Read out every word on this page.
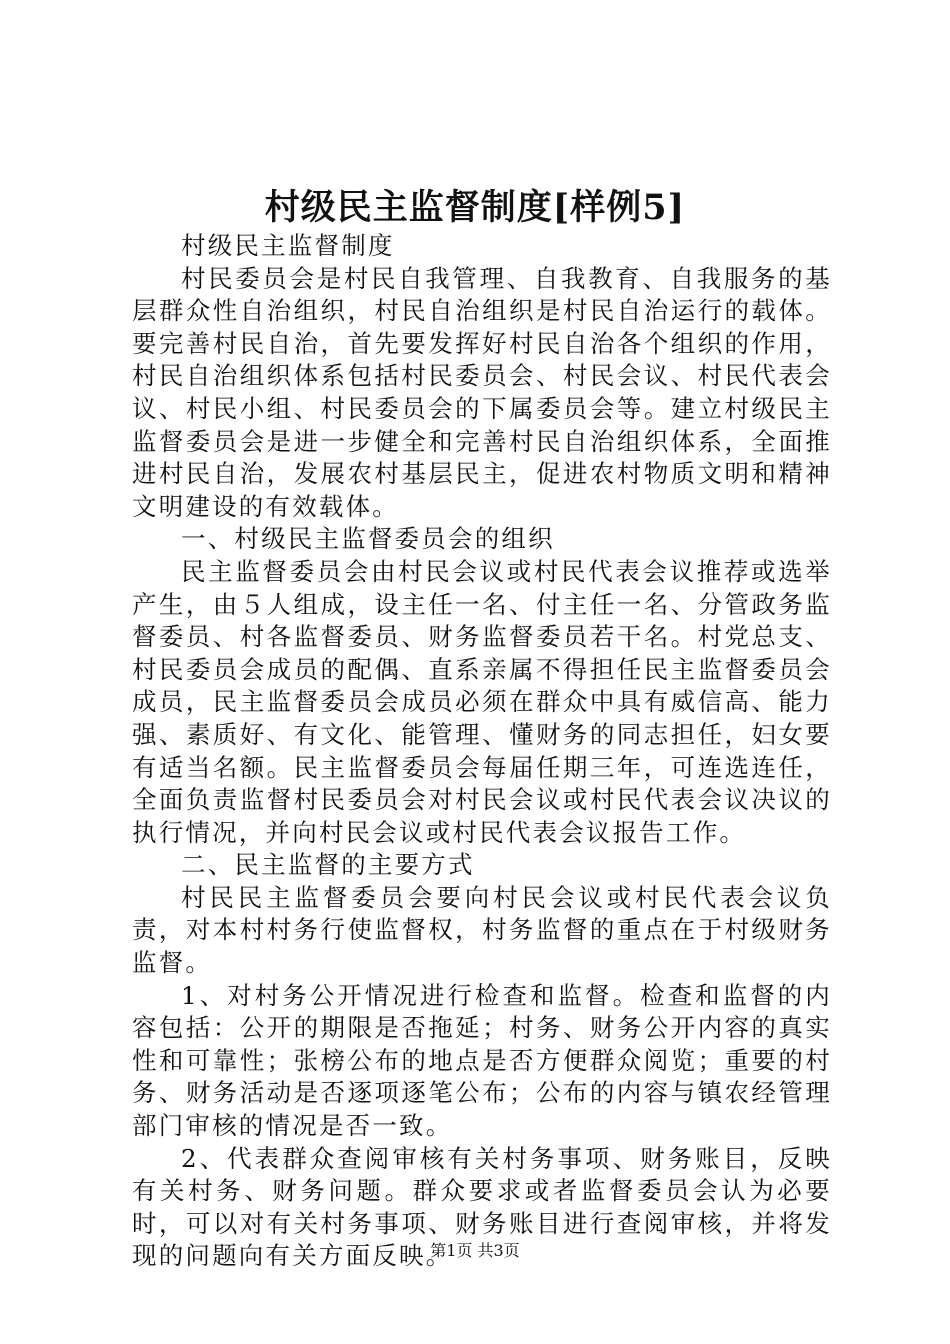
村级民主监督制度[样例5]

村级民主监督制度

村民委员会是村民自我管理、自我教育、自我服务的基层群众性自治组织，村民自治组织是村民自治运行的载体。要完善村民自治，首先要发挥好村民自治各个组织的作用，村民自治组织体系包括村民委员会、村民会议、村民代表会议、村民小组、村民委员会的下属委员会等。建立村级民主监督委员会是进一步健全和完善村民自治组织体系，全面推进村民自治，发展农村基层民主，促进农村物质文明和精神文明建设的有效载体。

一、村级民主监督委员会的组织

民主监督委员会由村民会议或村民代表会议推荐或选举产生，由５人组成，设主任一名、付主任一名、分管政务监督委员、村各监督委员、财务监督委员若干名。村党总支、村民委员会成员的配偶、直系亲属不得担任民主监督委员会成员，民主监督委员会成员必须在群众中具有威信高、能力强、素质好、有文化、能管理、懂财务的同志担任，妇女要有适当名额。民主监督委员会每届任期三年，可连选连任，全面负责监督村民委员会对村民会议或村民代表会议决议的执行情况，并向村民会议或村民代表会议报告工作。

二、民主监督的主要方式

村民民主监督委员会要向村民会议或村民代表会议负责，对本村村务行使监督权，村务监督的重点在于村级财务监督。

1、对村务公开情况进行检查和监督。检查和监督的内容包括：公开的期限是否拖延；村务、财务公开内容的真实性和可靠性；张榜公布的地点是否方便群众阅览；重要的村务、财务活动是否逐项逐笔公布；公布的内容与镇农经管理部门审核的情况是否一致。

2、代表群众查阅审核有关村务事项、财务账目，反映有关村务、财务问题。群众要求或者监督委员会认为必要时，可以对有关村务事项、财务账目进行查阅审核，并将发现的问题向有关方面反映。

第1页 共3页
